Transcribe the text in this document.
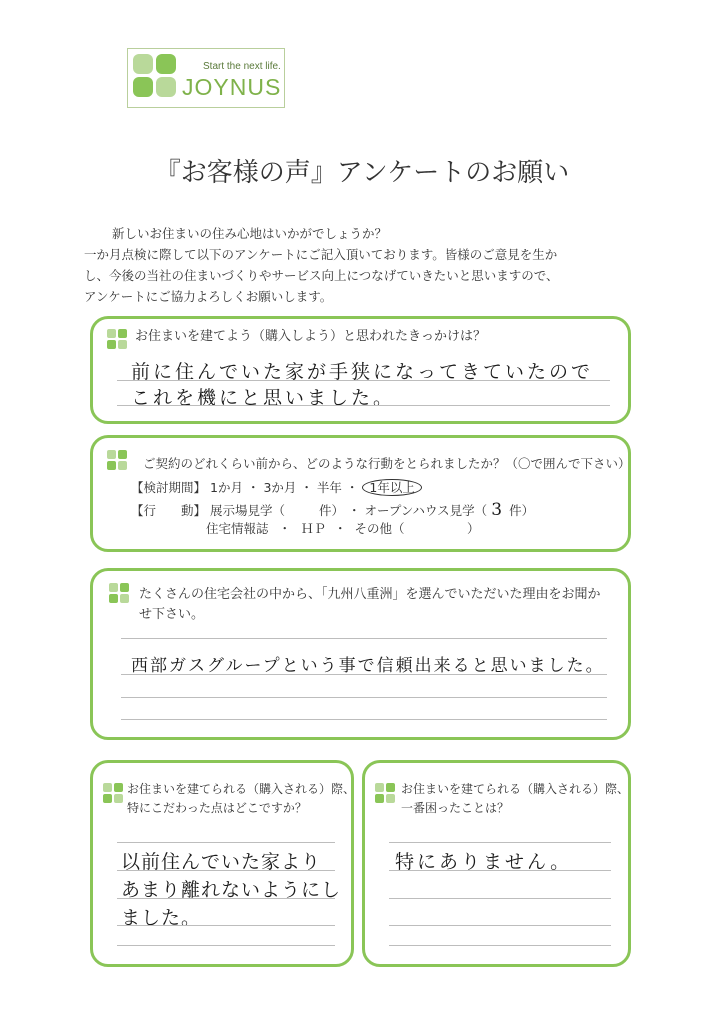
Start the next life.
JOYNUS
『お客様の声』アンケートのお願い

新しいお住まいの住み心地はいかがでしょうか？

一か月点検に際して以下のアンケートにご記入頂いております。皆様のご意見を生か

し、今後の当社の住まいづくりやサービス向上につなげていきたいと思いますので、

アンケートにご協力よろしくお願いします。

お住まいを建てよう（購入しよう）と思われたきっかけは？
前に住んでいた家が手狭になってきていたので
これを機にと思いました。
ご契約のどれくらい前から、どのような行動をとられましたか？（〇で囲んで下さい）
【検討期間】 1か月 ・ 3か月 ・ 半年 ・ 1年以上
【行　　動】 展示場見学（	件） ・ オープンハウス見学（ 3 件）
住宅情報誌 ・ ＨＰ ・ その他（　　　　　）
たくさんの住宅会社の中から、「九州八重洲」を選んでいただいた理由をお聞か
せ下さい。
西部ガスグループという事で信頼出来ると思いました。
お住まいを建てられる（購入される）際、
特にこだわった点はどこですか？
以前住んでいた家より
あまり離れないようにし
ました。
お住まいを建てられる（購入される）際、
一番困ったことは？
特にありません。
